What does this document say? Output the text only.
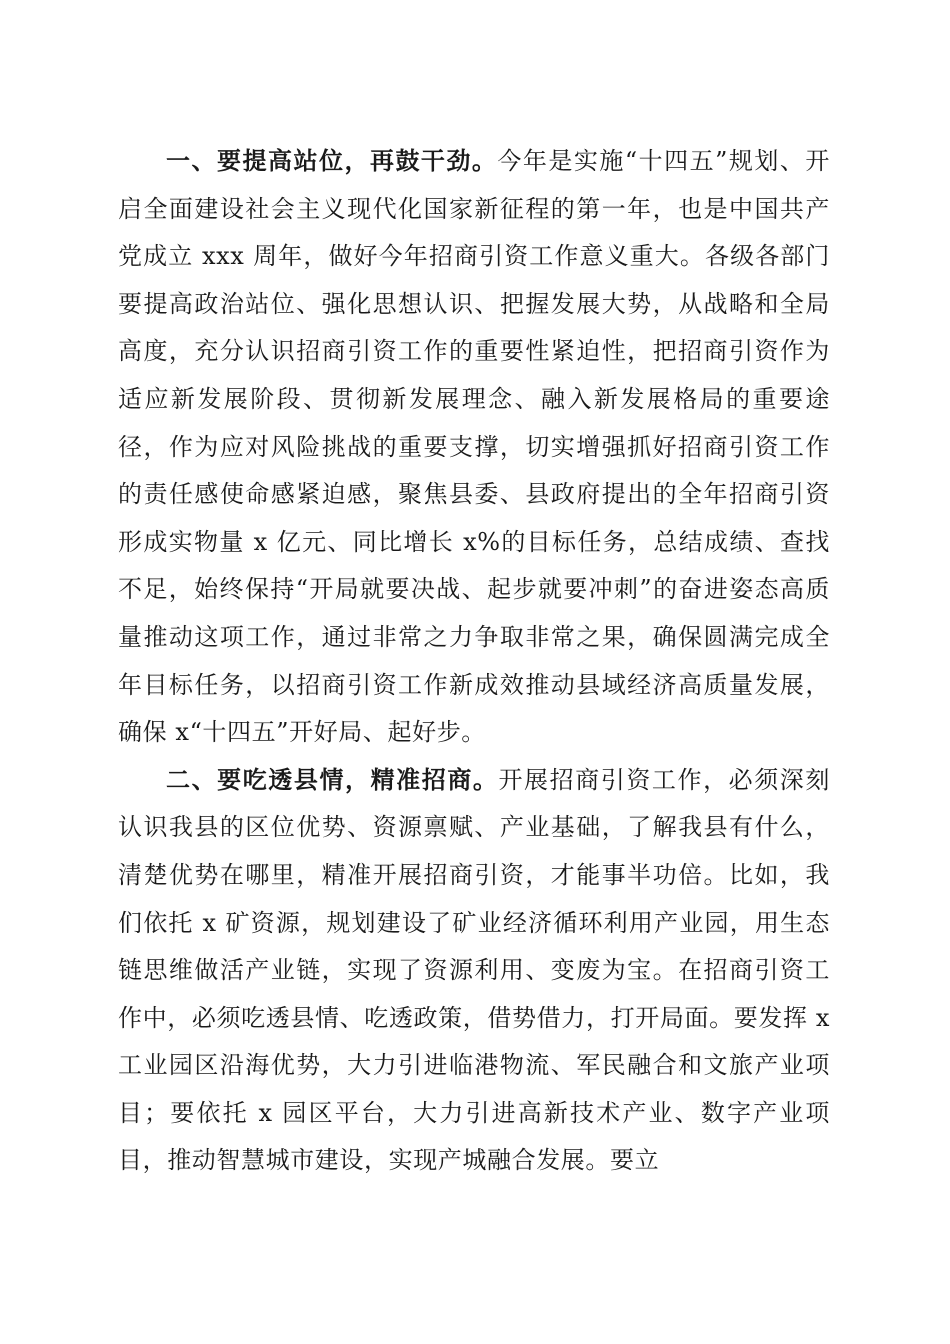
一、要提高站位，再鼓干劲。今年是实施“十四五”规划、开启全面建设社会主义现代化国家新征程的第一年，也是中国共产党成立 xxx 周年，做好今年招商引资工作意义重大。各级各部门要提高政治站位、强化思想认识、把握发展大势，从战略和全局高度，充分认识招商引资工作的重要性紧迫性，把招商引资作为适应新发展阶段、贯彻新发展理念、融入新发展格局的重要途径，作为应对风险挑战的重要支撑，切实增强抓好招商引资工作的责任感使命感紧迫感，聚焦县委、县政府提出的全年招商引资形成实物量 x 亿元、同比增长 x%的目标任务，总结成绩、查找不足，始终保持“开局就要决战、起步就要冲刺”的奋进姿态高质量推动这项工作，通过非常之力争取非常之果，确保圆满完成全年目标任务，以招商引资工作新成效推动县域经济高质量发展，确保 x“十四五”开好局、起好步。

二、要吃透县情，精准招商。开展招商引资工作，必须深刻认识我县的区位优势、资源禀赋、产业基础，了解我县有什么，清楚优势在哪里，精准开展招商引资，才能事半功倍。比如，我们依托 x 矿资源，规划建设了矿业经济循环利用产业园，用生态链思维做活产业链，实现了资源利用、变废为宝。在招商引资工作中，必须吃透县情、吃透政策，借势借力，打开局面。要发挥 x 工业园区沿海优势，大力引进临港物流、军民融合和文旅产业项目；要依托 x 园区平台，大力引进高新技术产业、数字产业项目，推动智慧城市建设，实现产城融合发展。要立
